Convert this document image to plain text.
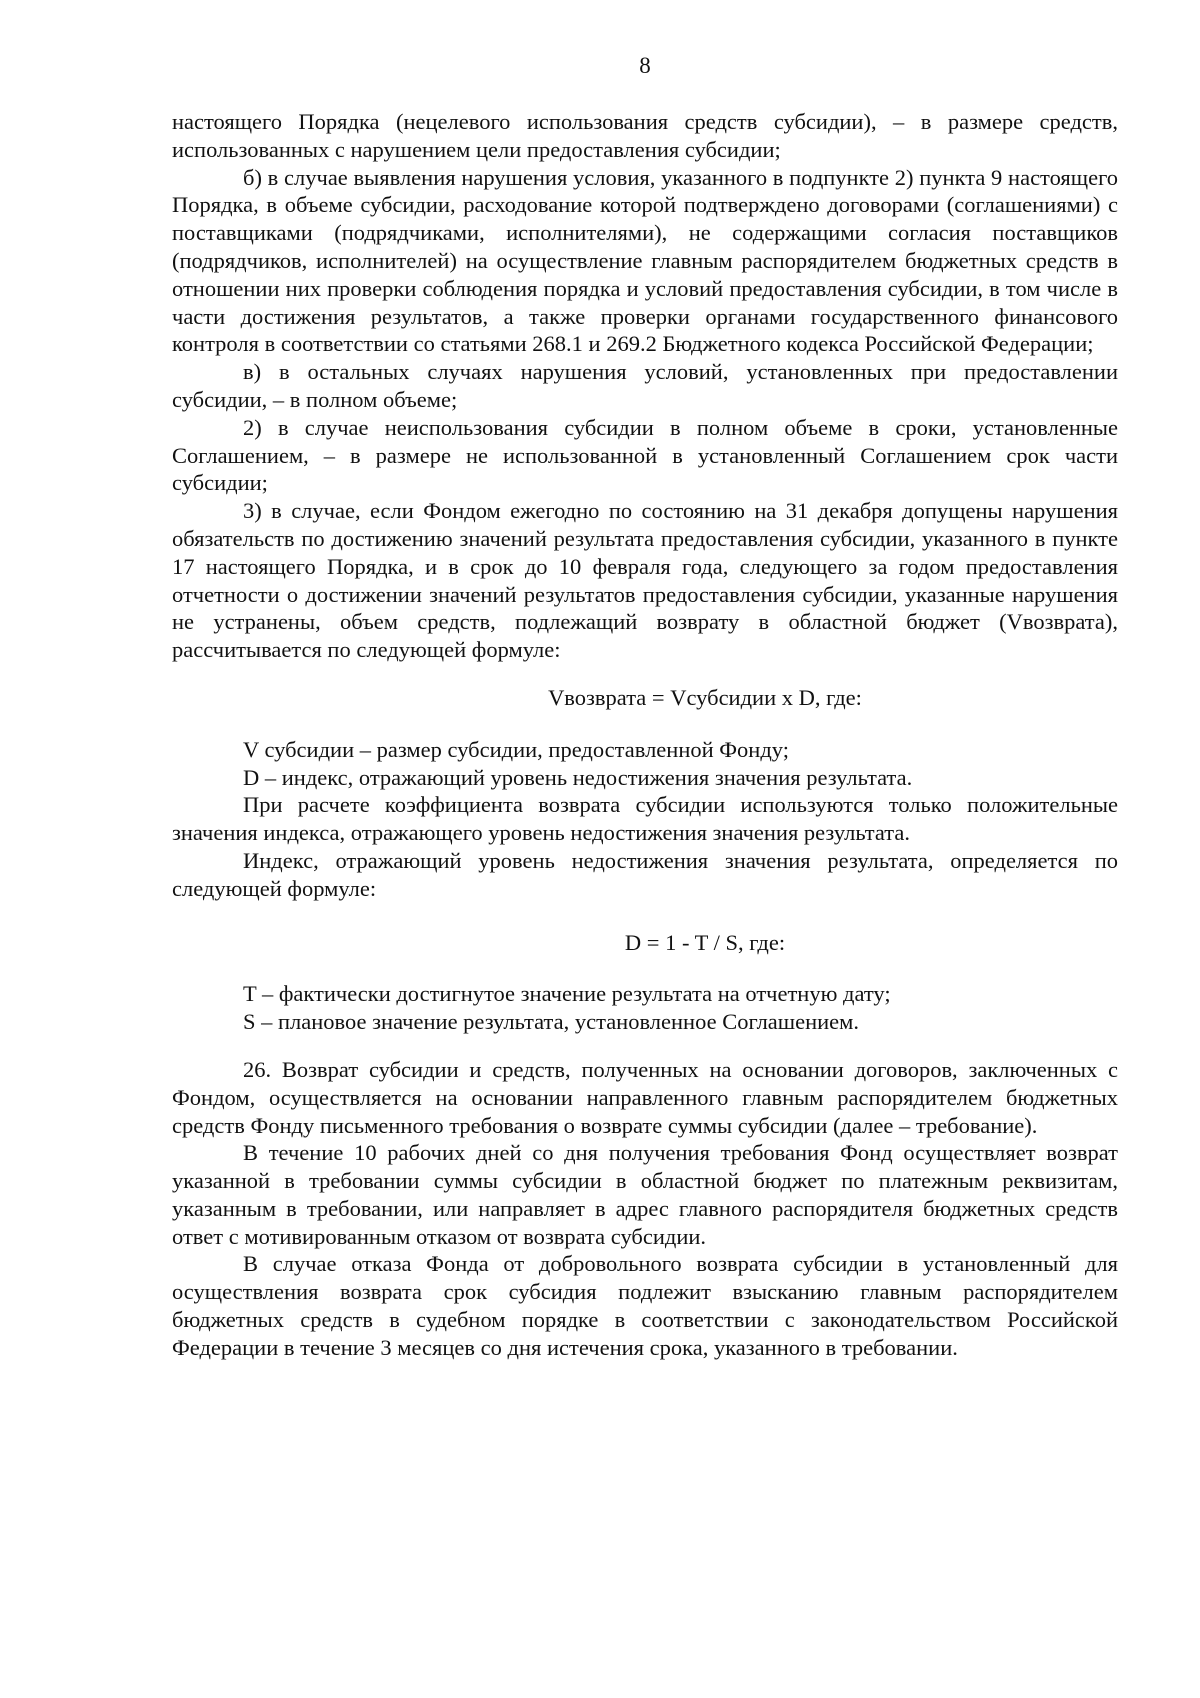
8

настоящего Порядка (нецелевого использования средств субсидии), – в размере средств, использованных с нарушением цели предоставления субсидии;

б) в случае выявления нарушения условия, указанного в подпункте 2) пункта 9 настоящего Порядка, в объеме субсидии, расходование которой подтверждено договорами (соглашениями) с поставщиками (подрядчиками, исполнителями), не содержащими согласия поставщиков (подрядчиков, исполнителей) на осуществление главным распорядителем бюджетных средств в отношении них проверки соблюдения порядка и условий предоставления субсидии, в том числе в части достижения результатов, а также проверки органами государственного финансового контроля в соответствии со статьями 268.1 и 269.2 Бюджетного кодекса Российской Федерации;

в) в остальных случаях нарушения условий, установленных при предоставлении субсидии, – в полном объеме;

2) в случае неиспользования субсидии в полном объеме в сроки, установленные Соглашением, – в размере не использованной в установленный Соглашением срок части субсидии;

3) в случае, если Фондом ежегодно по состоянию на 31 декабря допущены нарушения обязательств по достижению значений результата предоставления субсидии, указанного в пункте 17 настоящего Порядка, и в срок до 10 февраля года, следующего за годом предоставления отчетности о достижении значений результатов предоставления субсидии, указанные нарушения не устранены, объем средств, подлежащий возврату в областной бюджет (Vвозврата), рассчитывается по следующей формуле:

Vвозврата = Vсубсидии x D, где:

V субсидии – размер субсидии, предоставленной Фонду;

D – индекс, отражающий уровень недостижения значения результата.

При расчете коэффициента возврата субсидии используются только положительные значения индекса, отражающего уровень недостижения значения результата.

Индекс, отражающий уровень недостижения значения результата, определяется по следующей формуле:

D = 1 - T / S, где:

T – фактически достигнутое значение результата на отчетную дату;

S – плановое значение результата, установленное Соглашением.

26. Возврат субсидии и средств, полученных на основании договоров, заключенных с Фондом, осуществляется на основании направленного главным распорядителем бюджетных средств Фонду письменного требования о возврате суммы субсидии (далее – требование).

В течение 10 рабочих дней со дня получения требования Фонд осуществляет возврат указанной в требовании суммы субсидии в областной бюджет по платежным реквизитам, указанным в требовании, или направляет в адрес главного распорядителя бюджетных средств ответ с мотивированным отказом от возврата субсидии.

В случае отказа Фонда от добровольного возврата субсидии в установленный для осуществления возврата срок субсидия подлежит взысканию главным распорядителем бюджетных средств в судебном порядке в соответствии с законодательством Российской Федерации в течение 3 месяцев со дня истечения срока, указанного в требовании.
